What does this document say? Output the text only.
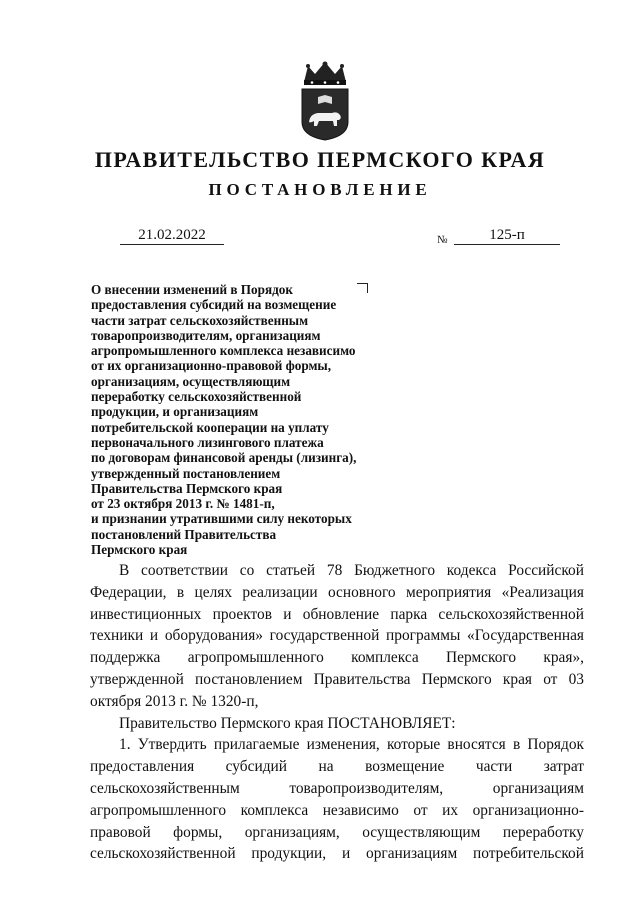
ПРАВИТЕЛЬСТВО ПЕРМСКОГО КРАЯ
ПОСТАНОВЛЕНИЕ
21.02.2022	№	125-п

О внесении изменений в Порядок
предоставления субсидий на возмещение
части затрат сельскохозяйственным
товаропроизводителям, организациям
агропромышленного комплекса независимо
от их организационно-правовой формы,
организациям, осуществляющим
переработку сельскохозяйственной
продукции, и организациям
потребительской кооперации на уплату
первоначального лизингового платежа
по договорам финансовой аренды (лизинга),
утвержденный постановлением
Правительства Пермского края
от 23 октября 2013 г. № 1481-п,
и признании утратившими силу некоторых
постановлений Правительства
Пермского края

В соответствии со статьей 78 Бюджетного кодекса Российской Федерации, в целях реализации основного мероприятия «Реализация инвестиционных проектов и обновление парка сельскохозяйственной техники и оборудования» государственной программы «Государственная поддержка агропромышленного комплекса Пермского края», утвержденной постановлением Правительства Пермского края от 03 октября 2013 г. № 1320-п,

Правительство Пермского края ПОСТАНОВЛЯЕТ:

1. Утвердить прилагаемые изменения, которые вносятся в Порядок предоставления субсидий на возмещение части затрат сельскохозяйственным товаропроизводителям, организациям агропромышленного комплекса независимо от их организационно-правовой формы, организациям, осуществляющим переработку сельскохозяйственной продукции, и организациям потребительской
